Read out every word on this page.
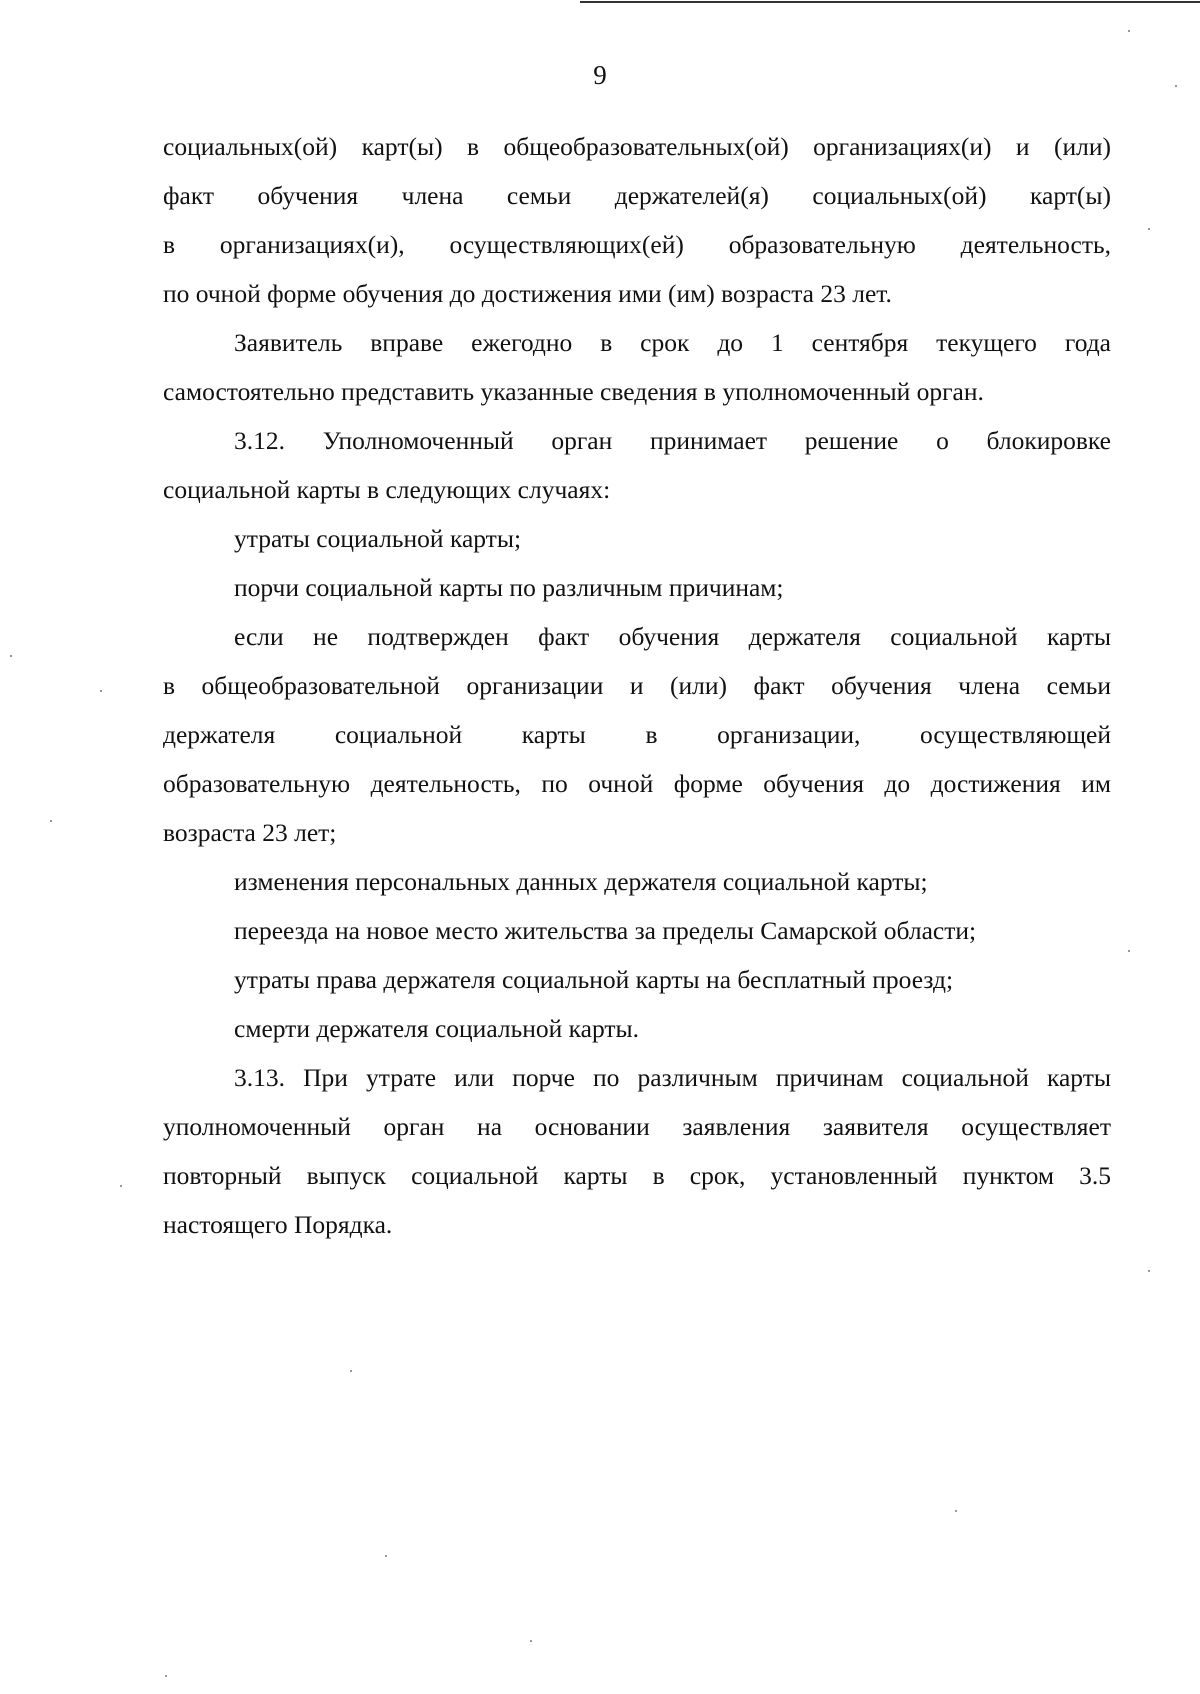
9

социальных(ой) карт(ы) в общеобразовательных(ой) организациях(и) и (или)
факт обучения члена семьи держателей(я) социальных(ой) карт(ы)
в организациях(и), осуществляющих(ей) образовательную деятельность,
по очной форме обучения до достижения ими (им) возраста 23 лет.

Заявитель вправе ежегодно в срок до 1 сентября текущего года
самостоятельно представить указанные сведения в уполномоченный орган.

3.12. Уполномоченный орган принимает решение о блокировке
социальной карты в следующих случаях:

утраты социальной карты;

порчи социальной карты по различным причинам;

если не подтвержден факт обучения держателя социальной карты
в общеобразовательной организации и (или) факт обучения члена семьи
держателя социальной карты в организации, осуществляющей
образовательную деятельность, по очной форме обучения до достижения им
возраста 23 лет;

изменения персональных данных держателя социальной карты;

переезда на новое место жительства за пределы Самарской области;

утраты права держателя социальной карты на бесплатный проезд;

смерти держателя социальной карты.

3.13. При утрате или порче по различным причинам социальной карты
уполномоченный орган на основании заявления заявителя осуществляет
повторный выпуск социальной карты в срок, установленный пунктом 3.5
настоящего Порядка.
